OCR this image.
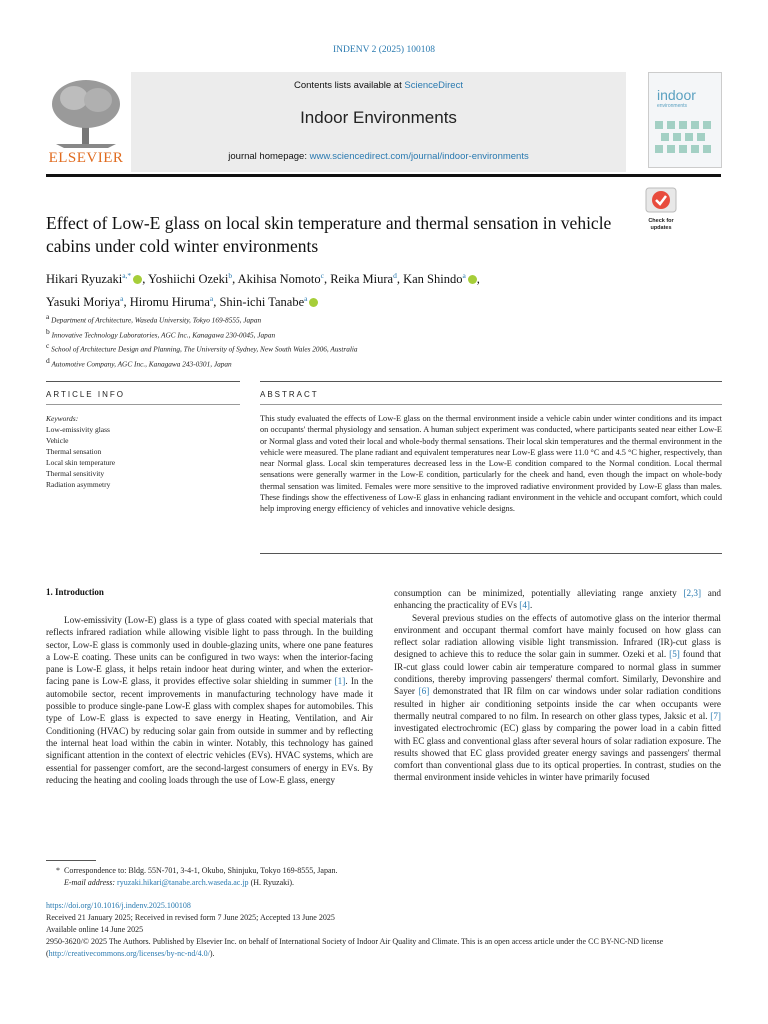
INDENV 2 (2025) 100108
ELSEVIER
Contents lists available at ScienceDirect
Indoor Environments
journal homepage: www.sciencedirect.com/journal/indoor-environments
indoor
environments
Check for
updates
Effect of Low-E glass on local skin temperature and thermal sensation in vehicle cabins under cold winter environments
Hikari Ryuzaki$^{a,*}$ , Yoshiichi Ozeki$^b$, Akihisa Nomoto$^c$, Reika Miura$^d$, Kan Shindo$^a$ ,
Yasuki Moriya$^a$, Hiromu Hiruma$^a$, Shin-ichi Tanabe$^a$
$^a$ Department of Architecture, Waseda University, Tokyo 169-8555, Japan
$^b$ Innovative Technology Laboratories, AGC Inc., Kanagawa 230-0045, Japan
$^c$ School of Architecture Design and Planning, The University of Sydney, New South Wales 2006, Australia
$^d$ Automotive Company, AGC Inc., Kanagawa 243-0301, Japan
ARTICLE INFO	ABSTRACT
Keywords:
Low-emissivity glass
Vehicle
Thermal sensation
Local skin temperature
Thermal sensitivity
Radiation asymmetry
This study evaluated the effects of Low-E glass on the thermal environment inside a vehicle cabin under winter conditions and its impact on occupants' thermal physiology and sensation. A human subject experiment was conducted, where participants seated near either Low-E or Normal glass and voted their local and whole-body thermal sensations. Their local skin temperatures and the thermal environment in the vehicle were measured. The plane radiant and equivalent temperatures near Low-E glass were 11.0 °C and 4.5 °C higher, respectively, than near Normal glass. Local skin temperatures decreased less in the Low-E condition compared to the Normal condition. Local thermal sensations were generally warmer in the Low-E condition, particularly for the cheek and hand, even though the impact on whole-body thermal sensation was limited. Females were more sensitive to the improved radiative environment provided by Low-E glass than males. These findings show the effectiveness of Low-E glass in enhancing radiant environment in the vehicle and occupant comfort, which could help improving energy efficiency of vehicles and innovative vehicle designs.
1. Introduction

Low-emissivity (Low-E) glass is a type of glass coated with special materials that reflects infrared radiation while allowing visible light to pass through. In the building sector, Low-E glass is commonly used in double-glazing units, where one pane features a Low-E coating. These units can be configured in two ways: when the interior-facing pane is Low-E glass, it helps retain indoor heat during winter, and when the exterior-facing pane is Low-E glass, it provides effective solar shielding in summer [1]. In the automobile sector, recent improvements in manufacturing technology have made it possible to produce single-pane Low-E glass with complex shapes for automobiles. This type of Low-E glass is expected to save energy in Heating, Ventilation, and Air Conditioning (HVAC) by reducing solar gain from outside in summer and by reflecting the internal heat load within the cabin in winter. Notably, this technology has gained significant attention in the context of electric vehicles (EVs). HVAC systems, which are essential for passenger comfort, are the second-largest consumers of energy in EVs. By reducing the heating and cooling loads through the use of Low-E glass, energy

consumption can be minimized, potentially alleviating range anxiety [2,3] and enhancing the practicality of EVs [4].

Several previous studies on the effects of automotive glass on the interior thermal environment and occupant thermal comfort have mainly focused on how glass can reflect solar radiation allowing visible light transmission. Infrared (IR)-cut glass is designed to achieve this to reduce the solar gain in summer. Ozeki et al. [5] found that IR-cut glass could lower cabin air temperature compared to normal glass in summer conditions, thereby improving passengers' thermal comfort. Similarly, Devonshire and Sayer [6] demonstrated that IR film on car windows under solar radiation conditions resulted in higher air conditioning setpoints inside the car when occupants were thermally neutral compared to no film. In research on other glass types, Jaksic et al. [7] investigated electrochromic (EC) glass by comparing the power load in a cabin fitted with EC glass and conventional glass after several hours of solar radiation exposure. The results showed that EC glass provided greater energy savings and passengers' thermal comfort than conventional glass due to its optical properties. In contrast, studies on the thermal environment inside vehicles in winter have primarily focused

* Correspondence to: Bldg. 55N-701, 3-4-1, Okubo, Shinjuku, Tokyo 169-8555, Japan.
E-mail address: ryuzaki.hikari@tanabe.arch.waseda.ac.jp (H. Ryuzaki).
https://doi.org/10.1016/j.indenv.2025.100108
Received 21 January 2025; Received in revised form 7 June 2025; Accepted 13 June 2025
Available online 14 June 2025
2950-3620/© 2025 The Authors. Published by Elsevier Inc. on behalf of International Society of Indoor Air Quality and Climate. This is an open access article under the CC BY-NC-ND license (http://creativecommons.org/licenses/by-nc-nd/4.0/).
